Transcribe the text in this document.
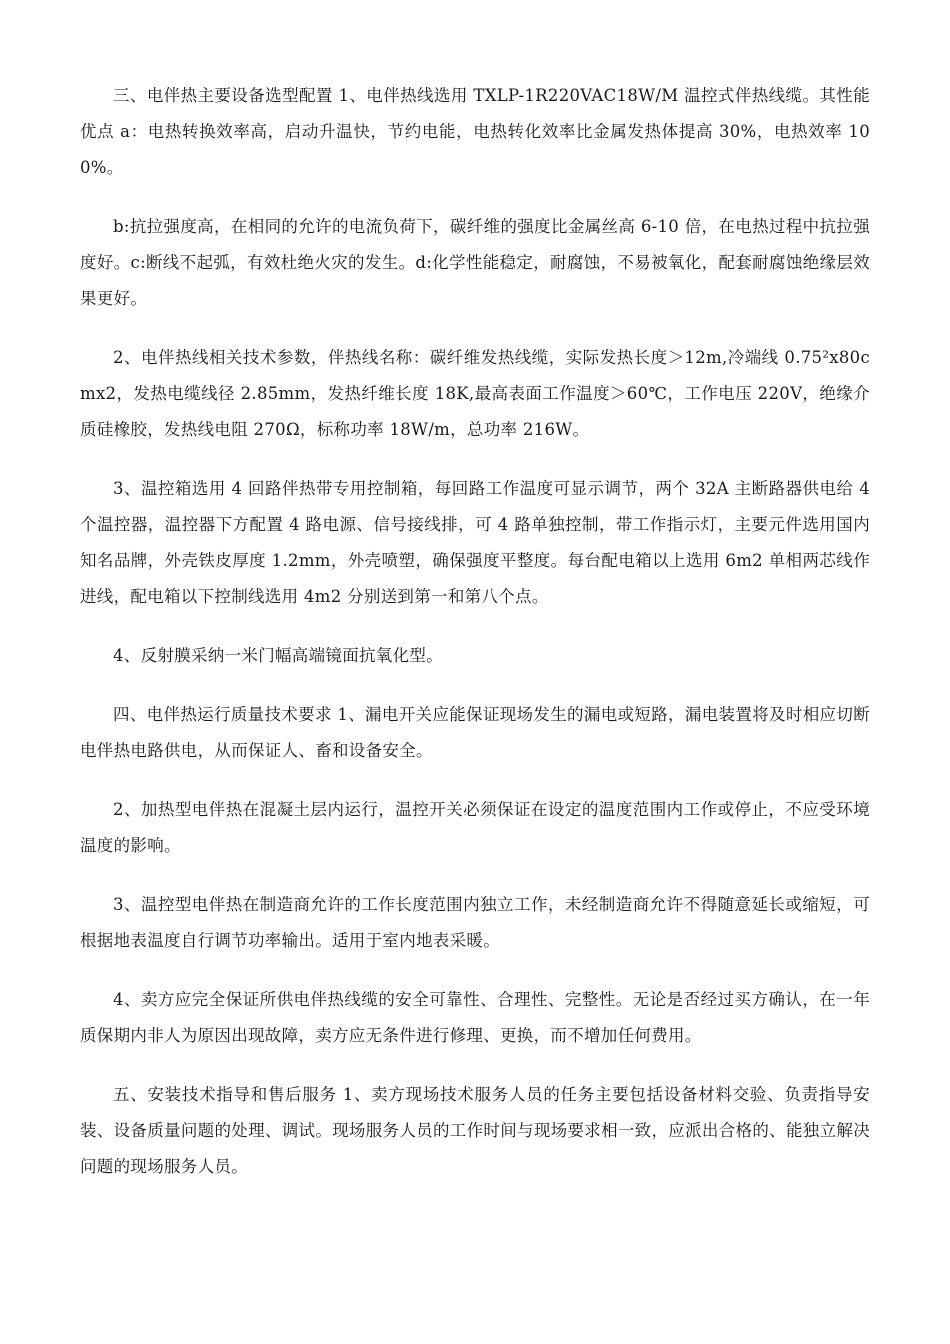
三、电伴热主要设备选型配置 1、电伴热线选用 TXLP-1R220VAC18W/M 温控式伴热线缆。其性能优点 a：电热转换效率高，启动升温快，节约电能，电热转化效率比金属发热体提高 30%，电热效率 100%。

b:抗拉强度高，在相同的允许的电流负荷下，碳纤维的强度比金属丝高 6-10 倍，在电热过程中抗拉强度好。c:断线不起弧，有效杜绝火灾的发生。d:化学性能稳定，耐腐蚀，不易被氧化，配套耐腐蚀绝缘层效果更好。

2、电伴热线相关技术参数，伴热线名称：碳纤维发热线缆，实际发热长度＞12m,冷端线 0.75²x80cmx2，发热电缆线径 2.85mm，发热纤维长度 18K,最高表面工作温度＞60℃，工作电压 220V，绝缘介质硅橡胶，发热线电阻 270Ω，标称功率 18W/m，总功率 216W。

3、温控箱选用 4 回路伴热带专用控制箱，每回路工作温度可显示调节，两个 32A 主断路器供电给 4 个温控器，温控器下方配置 4 路电源、信号接线排，可 4 路单独控制，带工作指示灯，主要元件选用国内知名品牌，外壳铁皮厚度 1.2mm，外壳喷塑，确保强度平整度。每台配电箱以上选用 6m2 单相两芯线作进线，配电箱以下控制线选用 4m2 分别送到第一和第八个点。

4、反射膜采纳一米门幅高端镜面抗氧化型。

四、电伴热运行质量技术要求 1、漏电开关应能保证现场发生的漏电或短路，漏电装置将及时相应切断电伴热电路供电，从而保证人、畜和设备安全。

2、加热型电伴热在混凝土层内运行，温控开关必须保证在设定的温度范围内工作或停止，不应受环境温度的影响。

3、温控型电伴热在制造商允许的工作长度范围内独立工作，未经制造商允许不得随意延长或缩短，可根据地表温度自行调节功率输出。适用于室内地表采暖。

4、卖方应完全保证所供电伴热线缆的安全可靠性、合理性、完整性。无论是否经过买方确认，在一年质保期内非人为原因出现故障，卖方应无条件进行修理、更换，而不增加任何费用。

五、安装技术指导和售后服务 1、卖方现场技术服务人员的任务主要包括设备材料交验、负责指导安装、设备质量问题的处理、调试。现场服务人员的工作时间与现场要求相一致，应派出合格的、能独立解决问题的现场服务人员。
